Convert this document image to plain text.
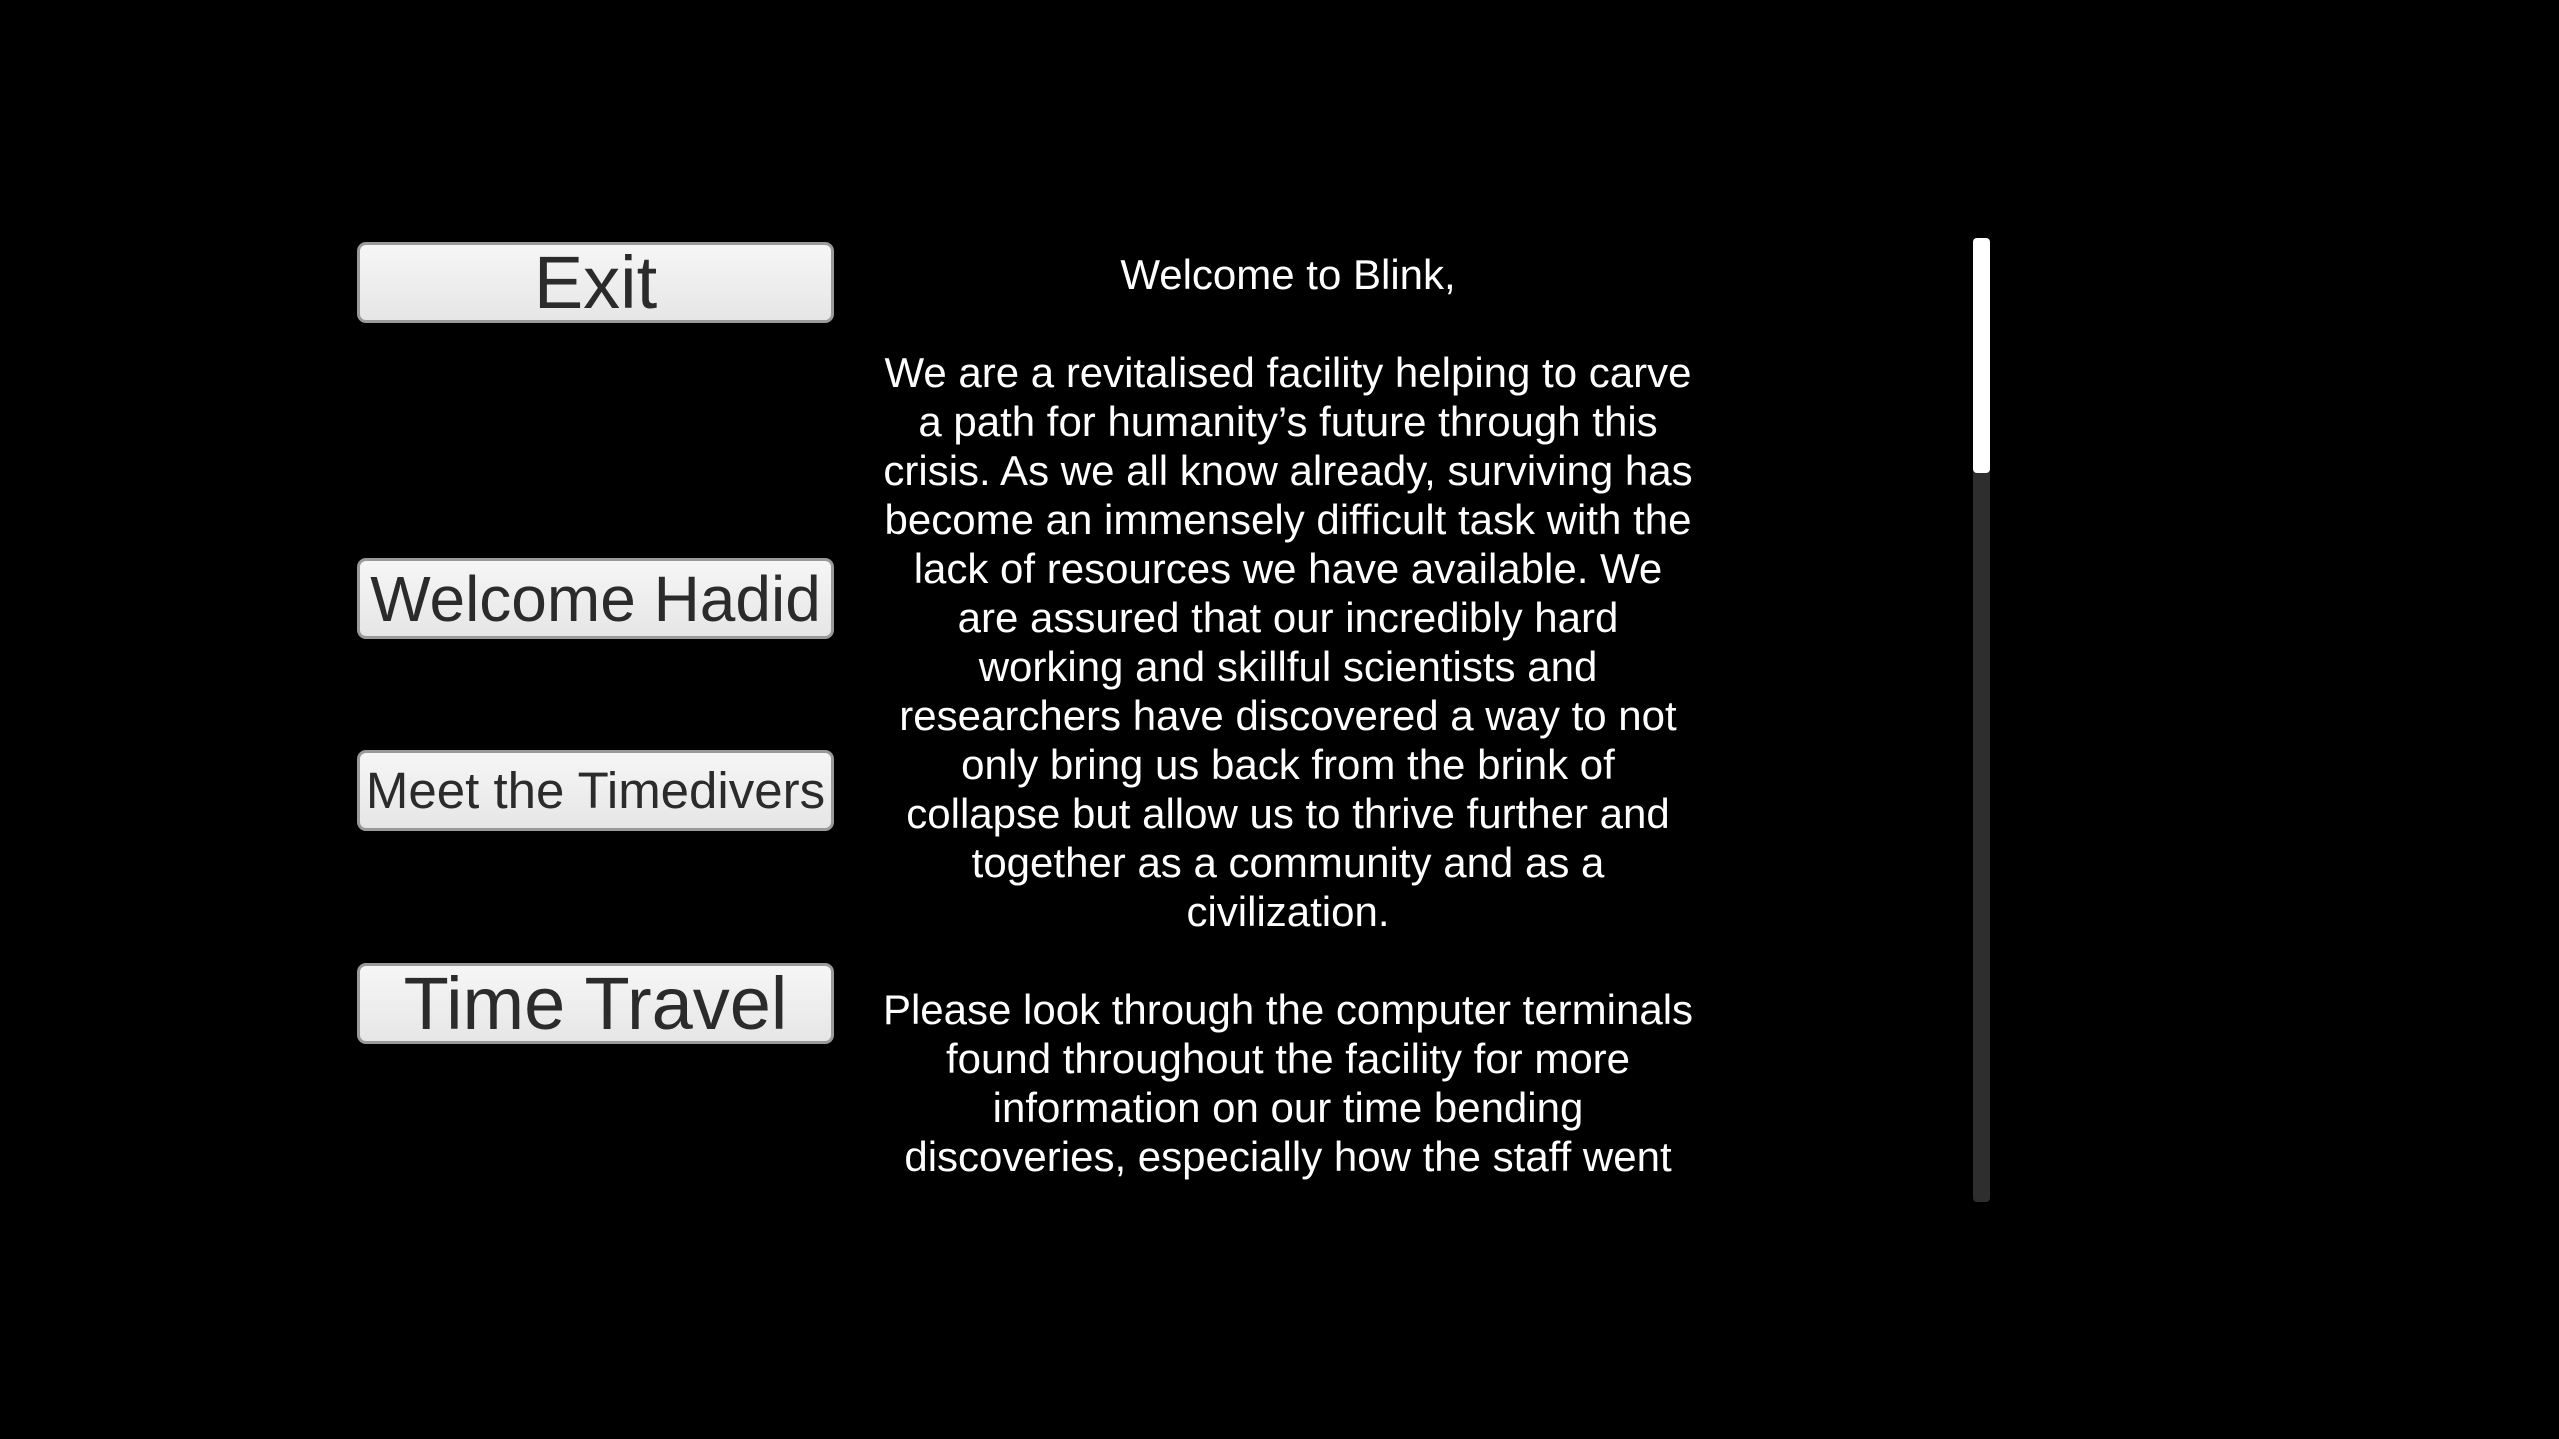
Exit
Welcome Hadid
Meet the Timedivers
Time Travel

Welcome to Blink,

We are a revitalised facility helping to carve a path for humanity’s future through this crisis. As we all know already, surviving has become an immensely difficult task with the lack of resources we have available. We are assured that our incredibly hard working and skillful scientists and researchers have discovered a way to not only bring us back from the brink of collapse but allow us to thrive further and together as a community and as a civilization.

Please look through the computer terminals found throughout the facility for more information on our time bending discoveries, especially how the staff went
